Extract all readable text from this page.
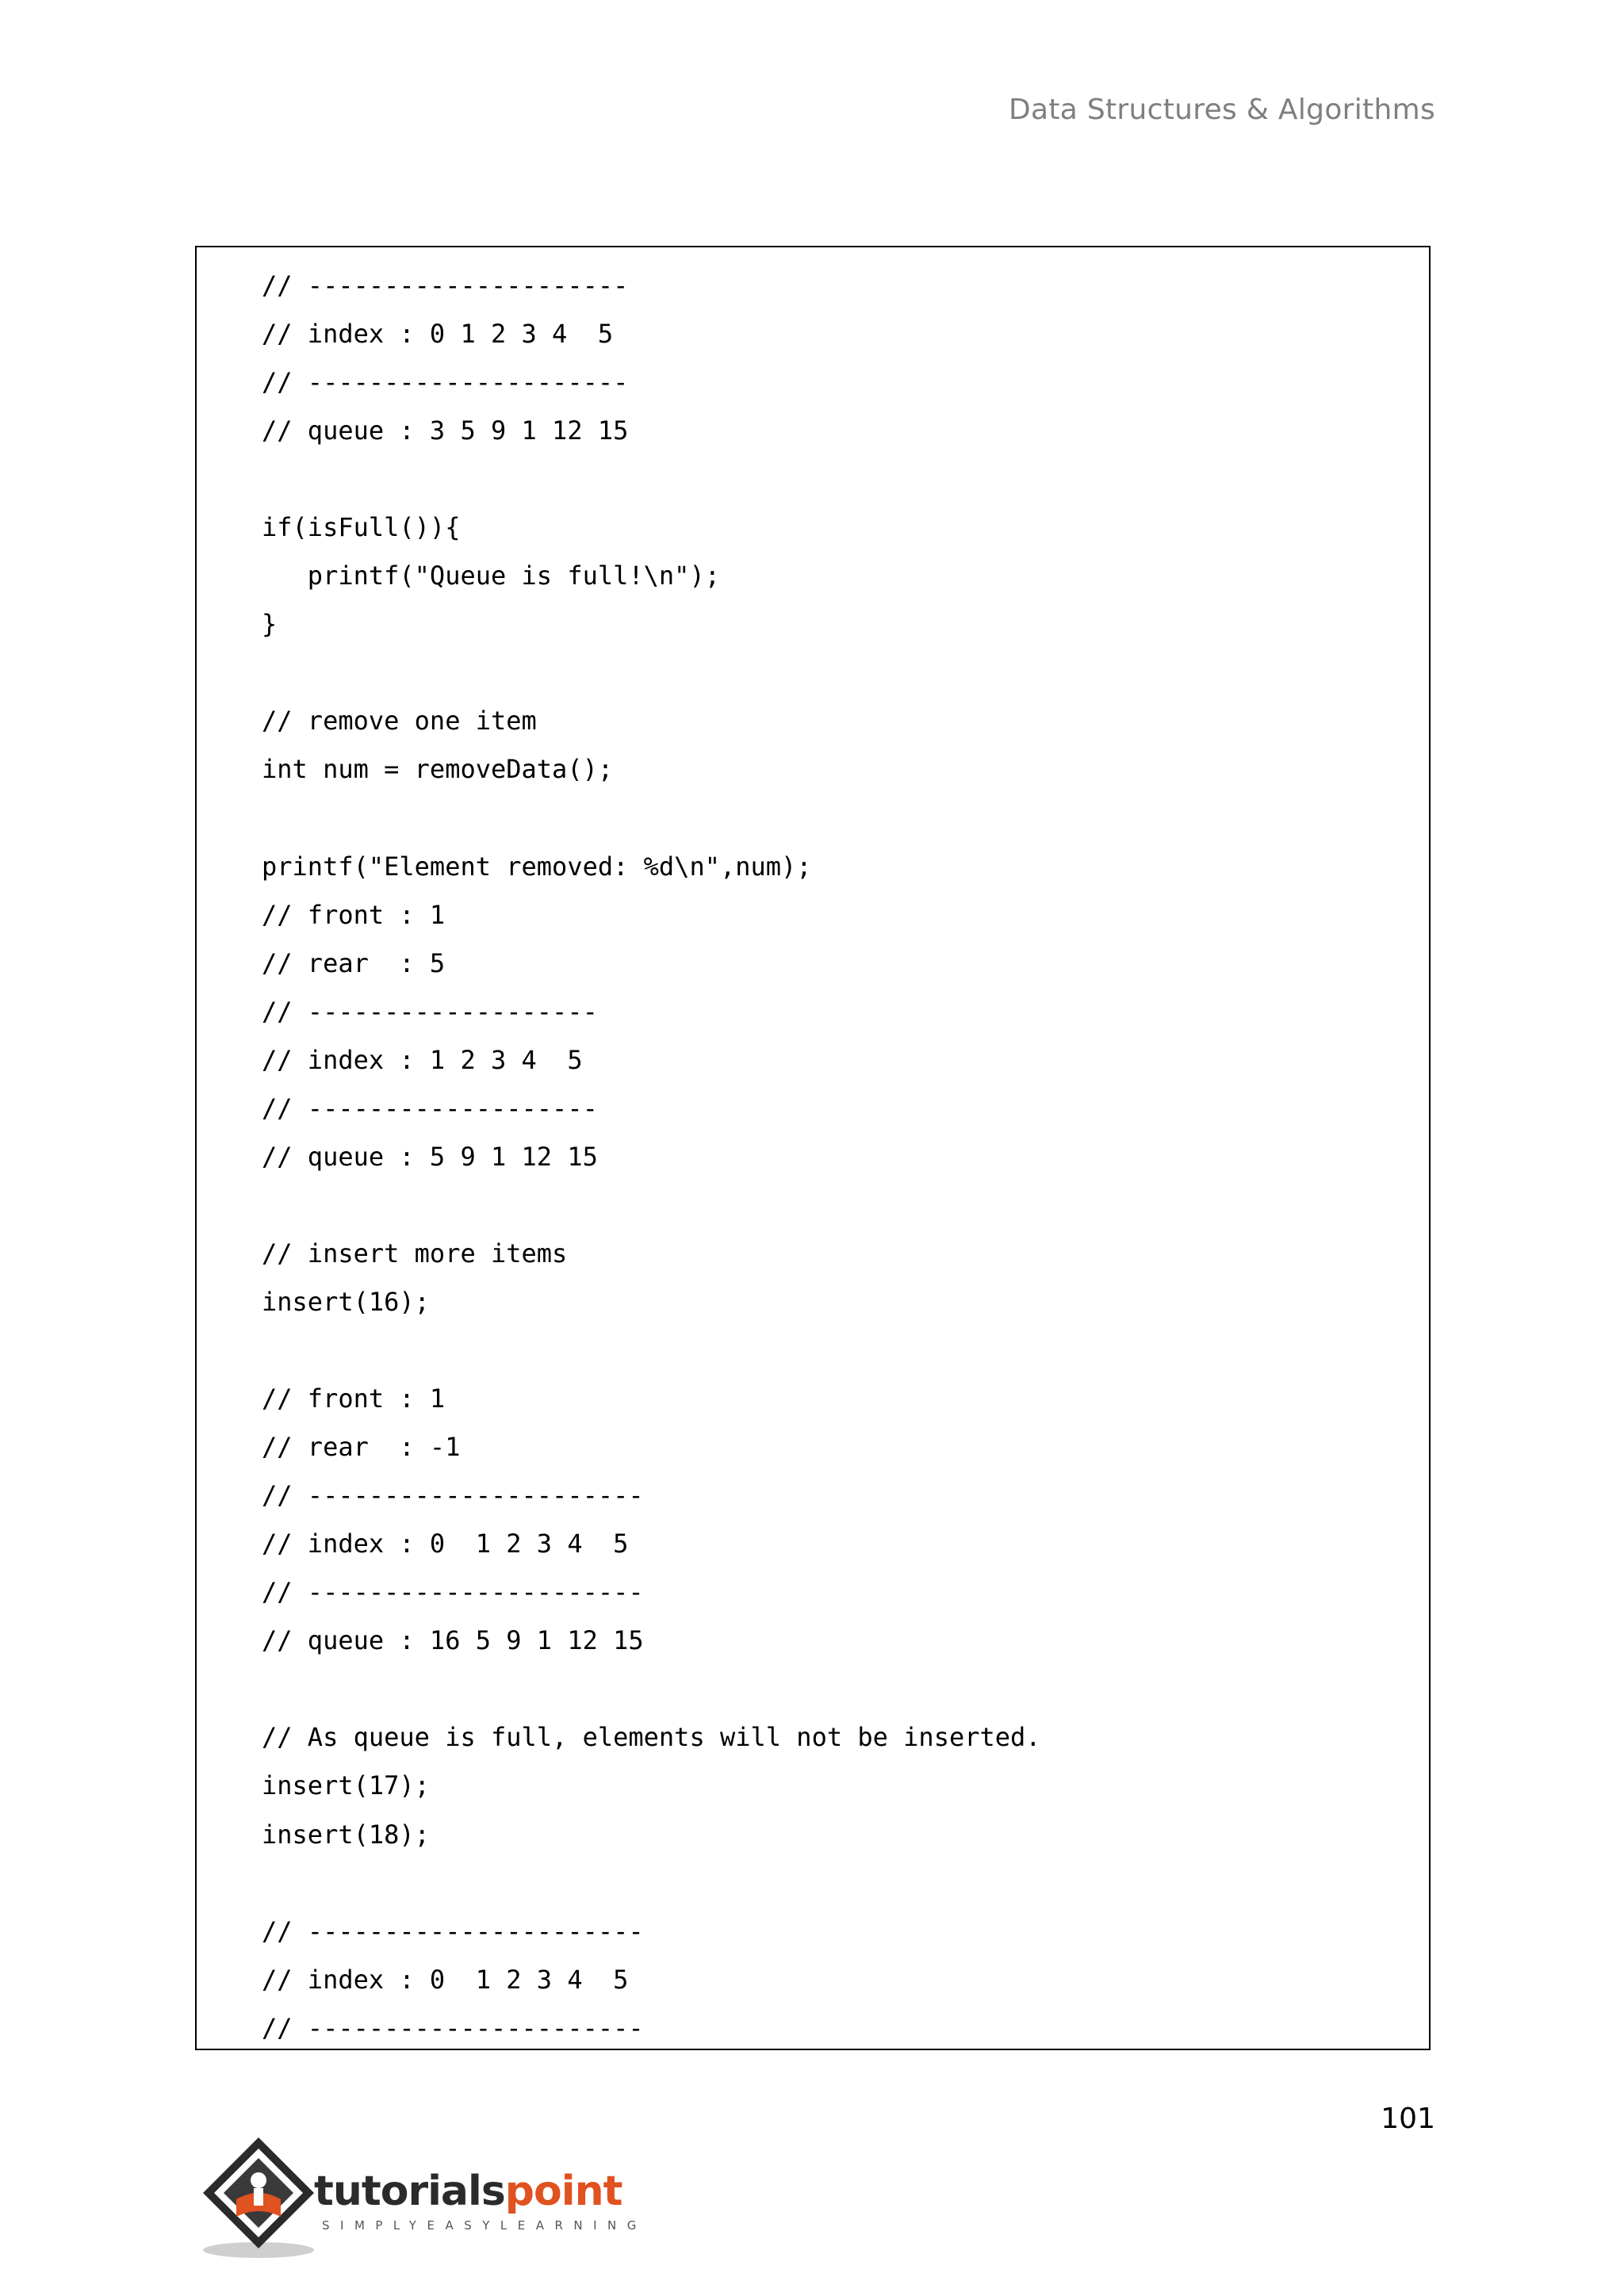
Data Structures & Algorithms
// ---------------------
// index : 0 1 2 3 4  5
// ---------------------
// queue : 3 5 9 1 12 15
if(isFull()){
printf("Queue is full!\n");
}
// remove one item
int num = removeData();
printf("Element removed: %d\n",num);
// front : 1
// rear  : 5
// -------------------
// index : 1 2 3 4  5
// -------------------
// queue : 5 9 1 12 15
// insert more items
insert(16);
// front : 1
// rear  : -1
// ----------------------
// index : 0  1 2 3 4  5
// ----------------------
// queue : 16 5 9 1 12 15
// As queue is full, elements will not be inserted.
insert(17);
insert(18);
// ----------------------
// index : 0  1 2 3 4  5
// ----------------------
101
tutorialspoint
SIMPLYEASYLEARNING
